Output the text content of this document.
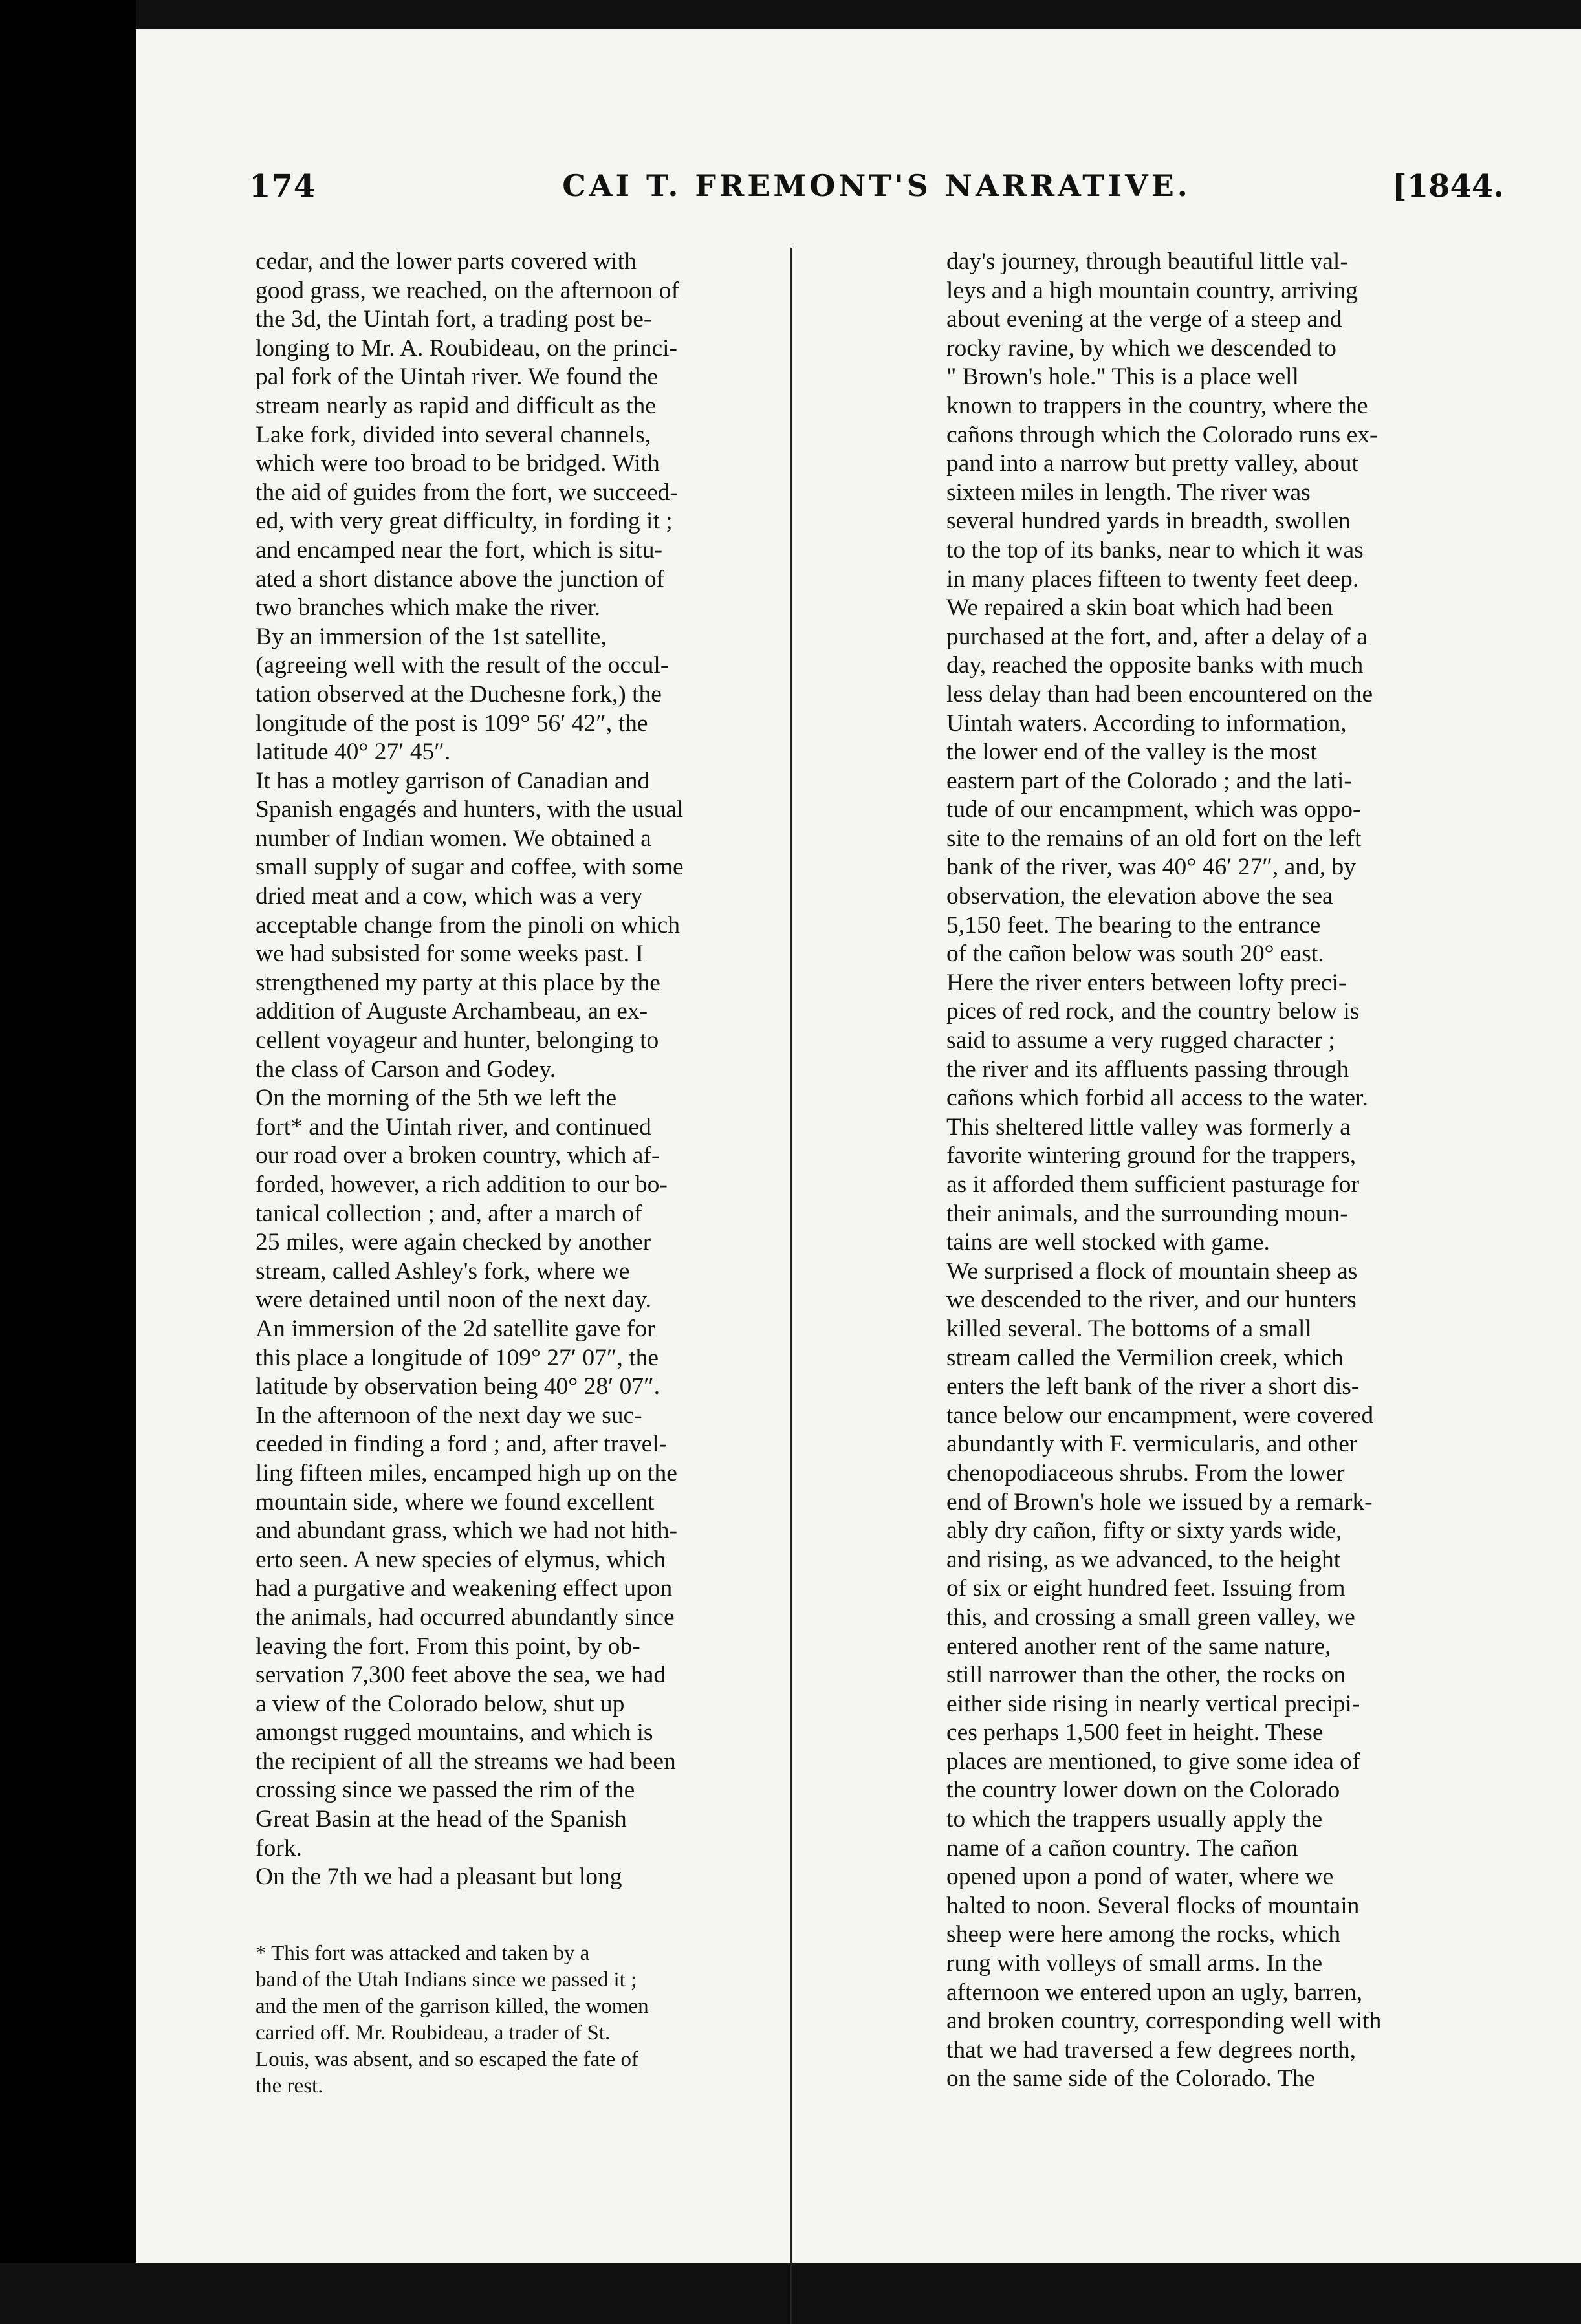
174	CAI T. FREMONT'S NARRATIVE.	[1844.
cedar, and the lower parts covered with
good grass, we reached, on the afternoon of
the 3d, the Uintah fort, a trading post be-
longing to Mr. A. Roubideau, on the princi-
pal fork of the Uintah river. We found the
stream nearly as rapid and difficult as the
Lake fork, divided into several channels,
which were too broad to be bridged. With
the aid of guides from the fort, we succeed-
ed, with very great difficulty, in fording it ;
and encamped near the fort, which is situ-
ated a short distance above the junction of
two branches which make the river.
By an immersion of the 1st satellite,
(agreeing well with the result of the occul-
tation observed at the Duchesne fork,) the
longitude of the post is 109° 56′ 42″, the
latitude 40° 27′ 45″.
It has a motley garrison of Canadian and
Spanish engagés and hunters, with the usual
number of Indian women. We obtained a
small supply of sugar and coffee, with some
dried meat and a cow, which was a very
acceptable change from the pinoli on which
we had subsisted for some weeks past. I
strengthened my party at this place by the
addition of Auguste Archambeau, an ex-
cellent voyageur and hunter, belonging to
the class of Carson and Godey.
On the morning of the 5th we left the
fort* and the Uintah river, and continued
our road over a broken country, which af-
forded, however, a rich addition to our bo-
tanical collection ; and, after a march of
25 miles, were again checked by another
stream, called Ashley's fork, where we
were detained until noon of the next day.
An immersion of the 2d satellite gave for
this place a longitude of 109° 27′ 07″, the
latitude by observation being 40° 28′ 07″.
In the afternoon of the next day we suc-
ceeded in finding a ford ; and, after travel-
ling fifteen miles, encamped high up on the
mountain side, where we found excellent
and abundant grass, which we had not hith-
erto seen. A new species of elymus, which
had a purgative and weakening effect upon
the animals, had occurred abundantly since
leaving the fort. From this point, by ob-
servation 7,300 feet above the sea, we had
a view of the Colorado below, shut up
amongst rugged mountains, and which is
the recipient of all the streams we had been
crossing since we passed the rim of the
Great Basin at the head of the Spanish
fork.
On the 7th we had a pleasant but long
day's journey, through beautiful little val-
leys and a high mountain country, arriving
about evening at the verge of a steep and
rocky ravine, by which we descended to
" Brown's hole." This is a place well
known to trappers in the country, where the
cañons through which the Colorado runs ex-
pand into a narrow but pretty valley, about
sixteen miles in length. The river was
several hundred yards in breadth, swollen
to the top of its banks, near to which it was
in many places fifteen to twenty feet deep.
We repaired a skin boat which had been
purchased at the fort, and, after a delay of a
day, reached the opposite banks with much
less delay than had been encountered on the
Uintah waters. According to information,
the lower end of the valley is the most
eastern part of the Colorado ; and the lati-
tude of our encampment, which was oppo-
site to the remains of an old fort on the left
bank of the river, was 40° 46′ 27″, and, by
observation, the elevation above the sea
5,150 feet. The bearing to the entrance
of the cañon below was south 20° east.
Here the river enters between lofty preci-
pices of red rock, and the country below is
said to assume a very rugged character ;
the river and its affluents passing through
cañons which forbid all access to the water.
This sheltered little valley was formerly a
favorite wintering ground for the trappers,
as it afforded them sufficient pasturage for
their animals, and the surrounding moun-
tains are well stocked with game.
We surprised a flock of mountain sheep as
we descended to the river, and our hunters
killed several. The bottoms of a small
stream called the Vermilion creek, which
enters the left bank of the river a short dis-
tance below our encampment, were covered
abundantly with F. vermicularis, and other
chenopodiaceous shrubs. From the lower
end of Brown's hole we issued by a remark-
ably dry cañon, fifty or sixty yards wide,
and rising, as we advanced, to the height
of six or eight hundred feet. Issuing from
this, and crossing a small green valley, we
entered another rent of the same nature,
still narrower than the other, the rocks on
either side rising in nearly vertical precipi-
ces perhaps 1,500 feet in height. These
places are mentioned, to give some idea of
the country lower down on the Colorado
to which the trappers usually apply the
name of a cañon country. The cañon
opened upon a pond of water, where we
halted to noon. Several flocks of mountain
sheep were here among the rocks, which
rung with volleys of small arms. In the
afternoon we entered upon an ugly, barren,
and broken country, corresponding well with
that we had traversed a few degrees north,
on the same side of the Colorado. The
* This fort was attacked and taken by a
band of the Utah Indians since we passed it ;
and the men of the garrison killed, the women
carried off. Mr. Roubideau, a trader of St.
Louis, was absent, and so escaped the fate of
the rest.
